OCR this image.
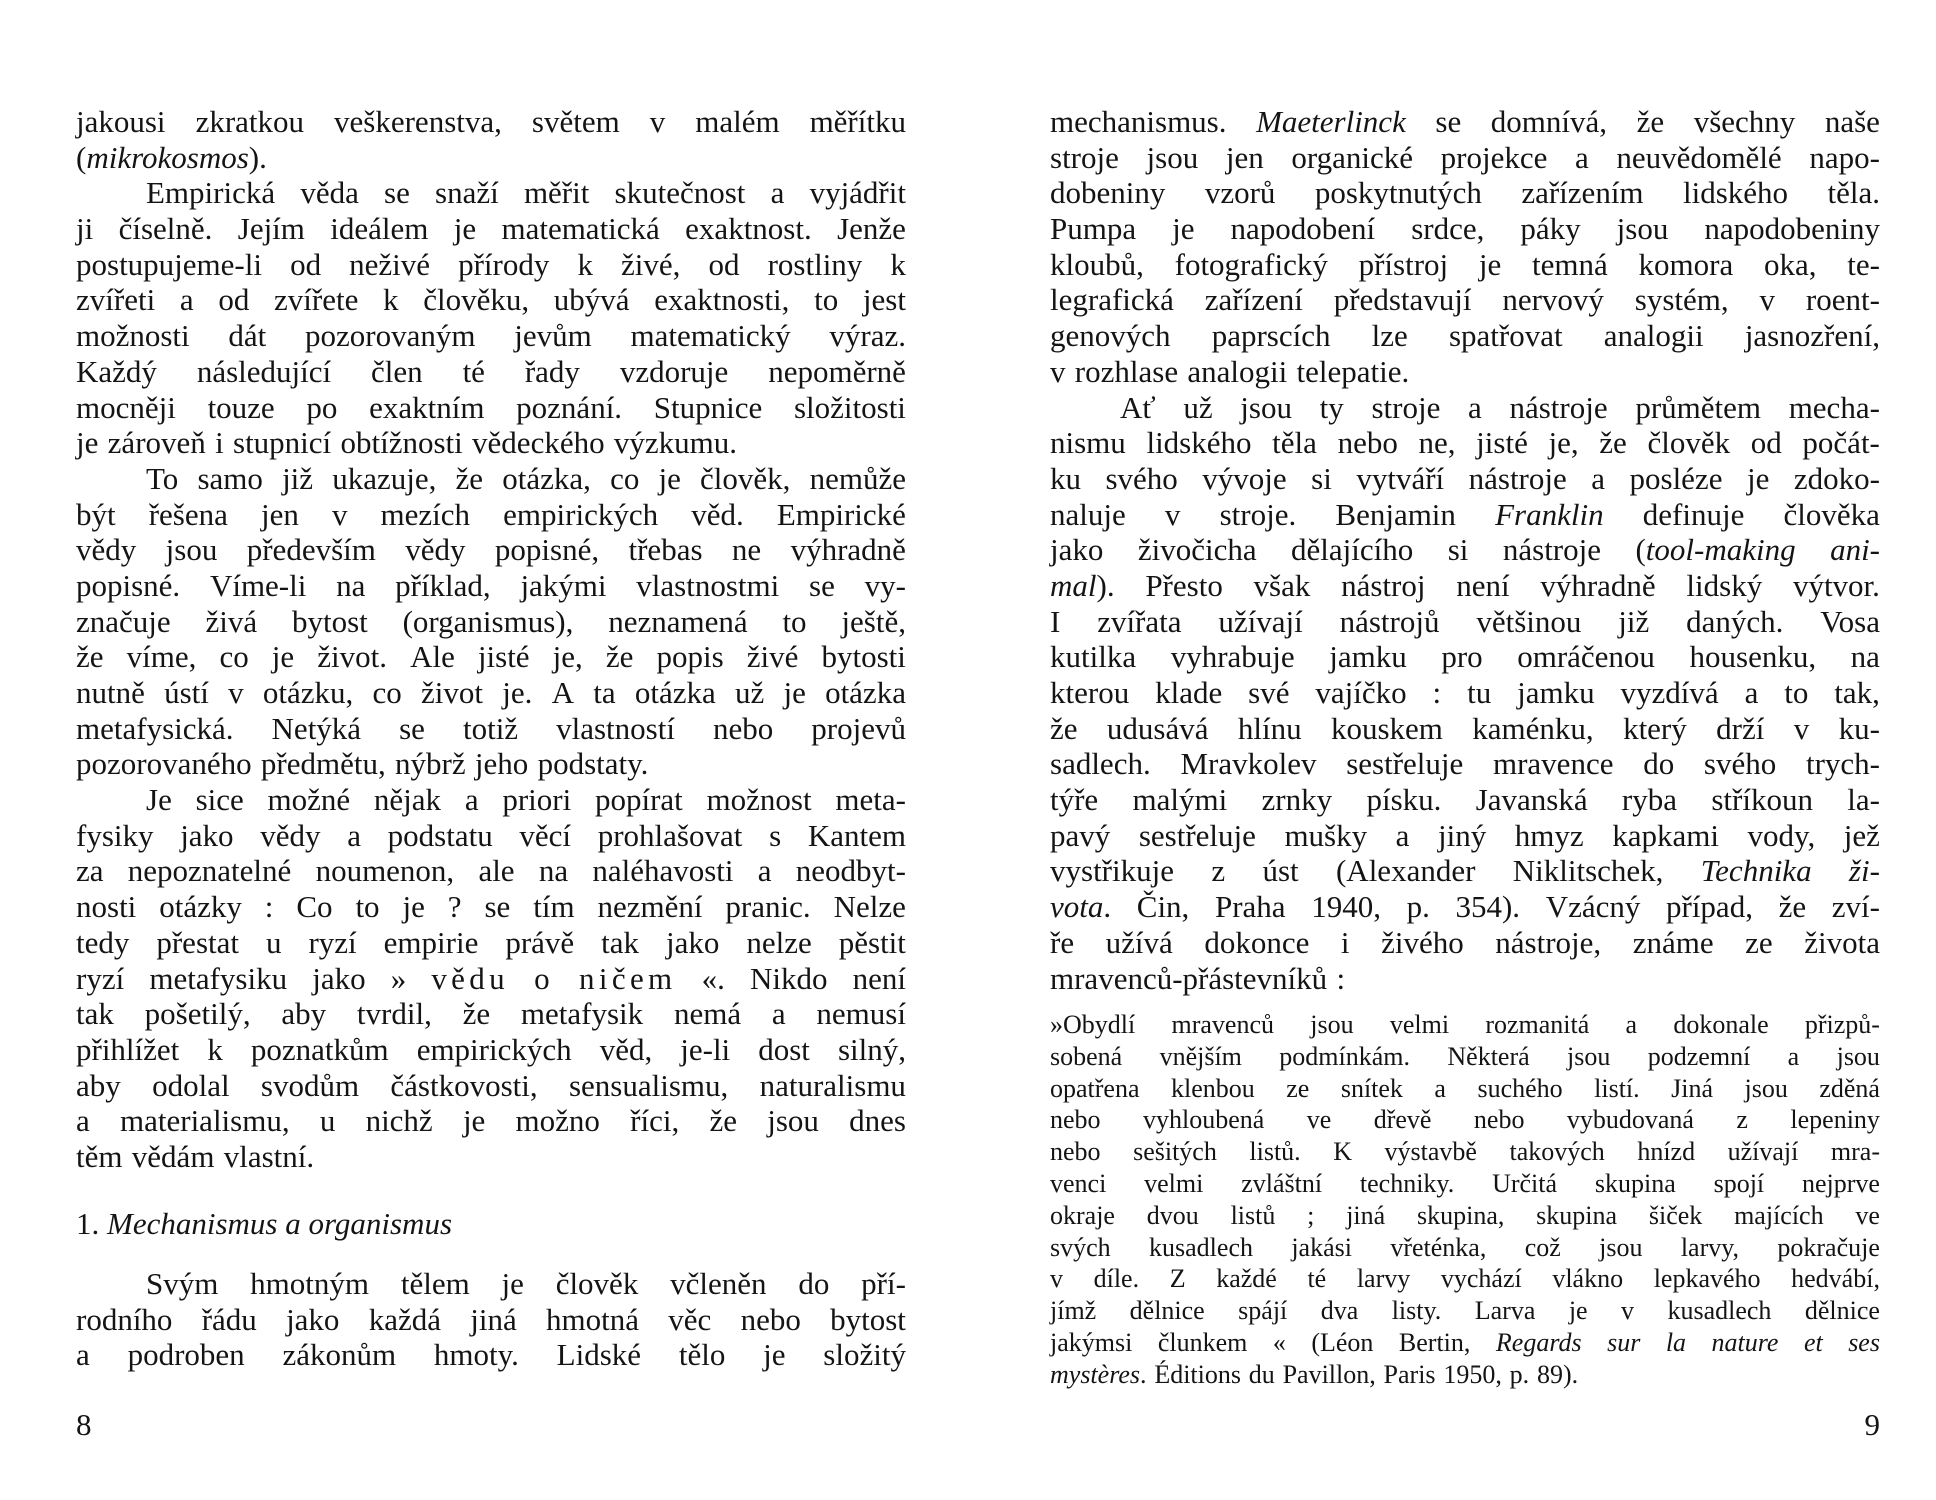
jakousi zkratkou veškerenstva, světem v malém měřítku
(mikrokosmos).
Empirická věda se snaží měřit skutečnost a vyjádřit
ji číselně. Jejím ideálem je matematická exaktnost. Jenže
postupujeme-li od neživé přírody k živé, od rostliny k
zvířeti a od zvířete k člověku, ubývá exaktnosti, to jest
možnosti dát pozorovaným jevům matematický výraz.
Každý následující člen té řady vzdoruje nepoměrně
mocněji touze po exaktním poznání. Stupnice složitosti
je zároveň i stupnicí obtížnosti vědeckého výzkumu.
To samo již ukazuje, že otázka, co je člověk, nemůže
být řešena jen v mezích empirických věd. Empirické
vědy jsou především vědy popisné, třebas ne výhradně
popisné. Víme-li na příklad, jakými vlastnostmi se vy-
značuje živá bytost (organismus), neznamená to ještě,
že víme, co je život. Ale jisté je, že popis živé bytosti
nutně ústí v otázku, co život je. A ta otázka už je otázka
metafysická. Netýká se totiž vlastností nebo projevů
pozorovaného předmětu, nýbrž jeho podstaty.
Je sice možné nějak a priori popírat možnost meta-
fysiky jako vědy a podstatu věcí prohlašovat s Kantem
za nepoznatelné noumenon, ale na naléhavosti a neodbyt-
nosti otázky : Co to je ? se tím nezmění pranic. Nelze
tedy přestat u ryzí empirie právě tak jako nelze pěstit
ryzí metafysiku jako » vědu o ničem «. Nikdo není
tak pošetilý, aby tvrdil, že metafysik nemá a nemusí
přihlížet k poznatkům empirických věd, je-li dost silný,
aby odolal svodům částkovosti, sensualismu, naturalismu
a materialismu, u nichž je možno říci, že jsou dnes
těm vědám vlastní.
1. Mechanismus a organismus
Svým hmotným tělem je člověk včleněn do pří-
rodního řádu jako každá jiná hmotná věc nebo bytost
a podroben zákonům hmoty. Lidské tělo je složitý
8
mechanismus. Maeterlinck se domnívá, že všechny naše
stroje jsou jen organické projekce a neuvědomělé napo-
dobeniny vzorů poskytnutých zařízením lidského těla.
Pumpa je napodobení srdce, páky jsou napodobeniny
kloubů, fotografický přístroj je temná komora oka, te-
legrafická zařízení představují nervový systém, v roent-
genových paprscích lze spatřovat analogii jasnozření,
v rozhlase analogii telepatie.
Ať už jsou ty stroje a nástroje průmětem mecha-
nismu lidského těla nebo ne, jisté je, že člověk od počát-
ku svého vývoje si vytváří nástroje a posléze je zdoko-
naluje v stroje. Benjamin Franklin definuje člověka
jako živočicha dělajícího si nástroje (tool-making ani-
mal). Přesto však nástroj není výhradně lidský výtvor.
I zvířata užívají nástrojů většinou již daných. Vosa
kutilka vyhrabuje jamku pro omráčenou housenku, na
kterou klade své vajíčko : tu jamku vyzdívá a to tak,
že udusává hlínu kouskem kaménku, který drží v ku-
sadlech. Mravkolev sestřeluje mravence do svého trych-
týře malými zrnky písku. Javanská ryba stříkoun la-
pavý sestřeluje mušky a jiný hmyz kapkami vody, jež
vystřikuje z úst (Alexander Niklitschek, Technika ži-
vota. Čin, Praha 1940, p. 354). Vzácný případ, že zví-
ře užívá dokonce i živého nástroje, známe ze života
mravenců-přástevníků :
»Obydlí mravenců jsou velmi rozmanitá a dokonale přizpů-
sobená vnějším podmínkám. Některá jsou podzemní a jsou
opatřena klenbou ze snítek a suchého listí. Jiná jsou zděná
nebo vyhloubená ve dřevě nebo vybudovaná z lepeniny
nebo sešitých listů. K výstavbě takových hnízd užívají mra-
venci velmi zvláštní techniky. Určitá skupina spojí nejprve
okraje dvou listů ; jiná skupina, skupina šiček majících ve
svých kusadlech jakási vřeténka, což jsou larvy, pokračuje
v díle. Z každé té larvy vychází vlákno lepkavého hedvábí,
jímž dělnice spájí dva listy. Larva je v kusadlech dělnice
jakýmsi člunkem « (Léon Bertin, Regards sur la nature et ses
mystères. Éditions du Pavillon, Paris 1950, p. 89).
9
